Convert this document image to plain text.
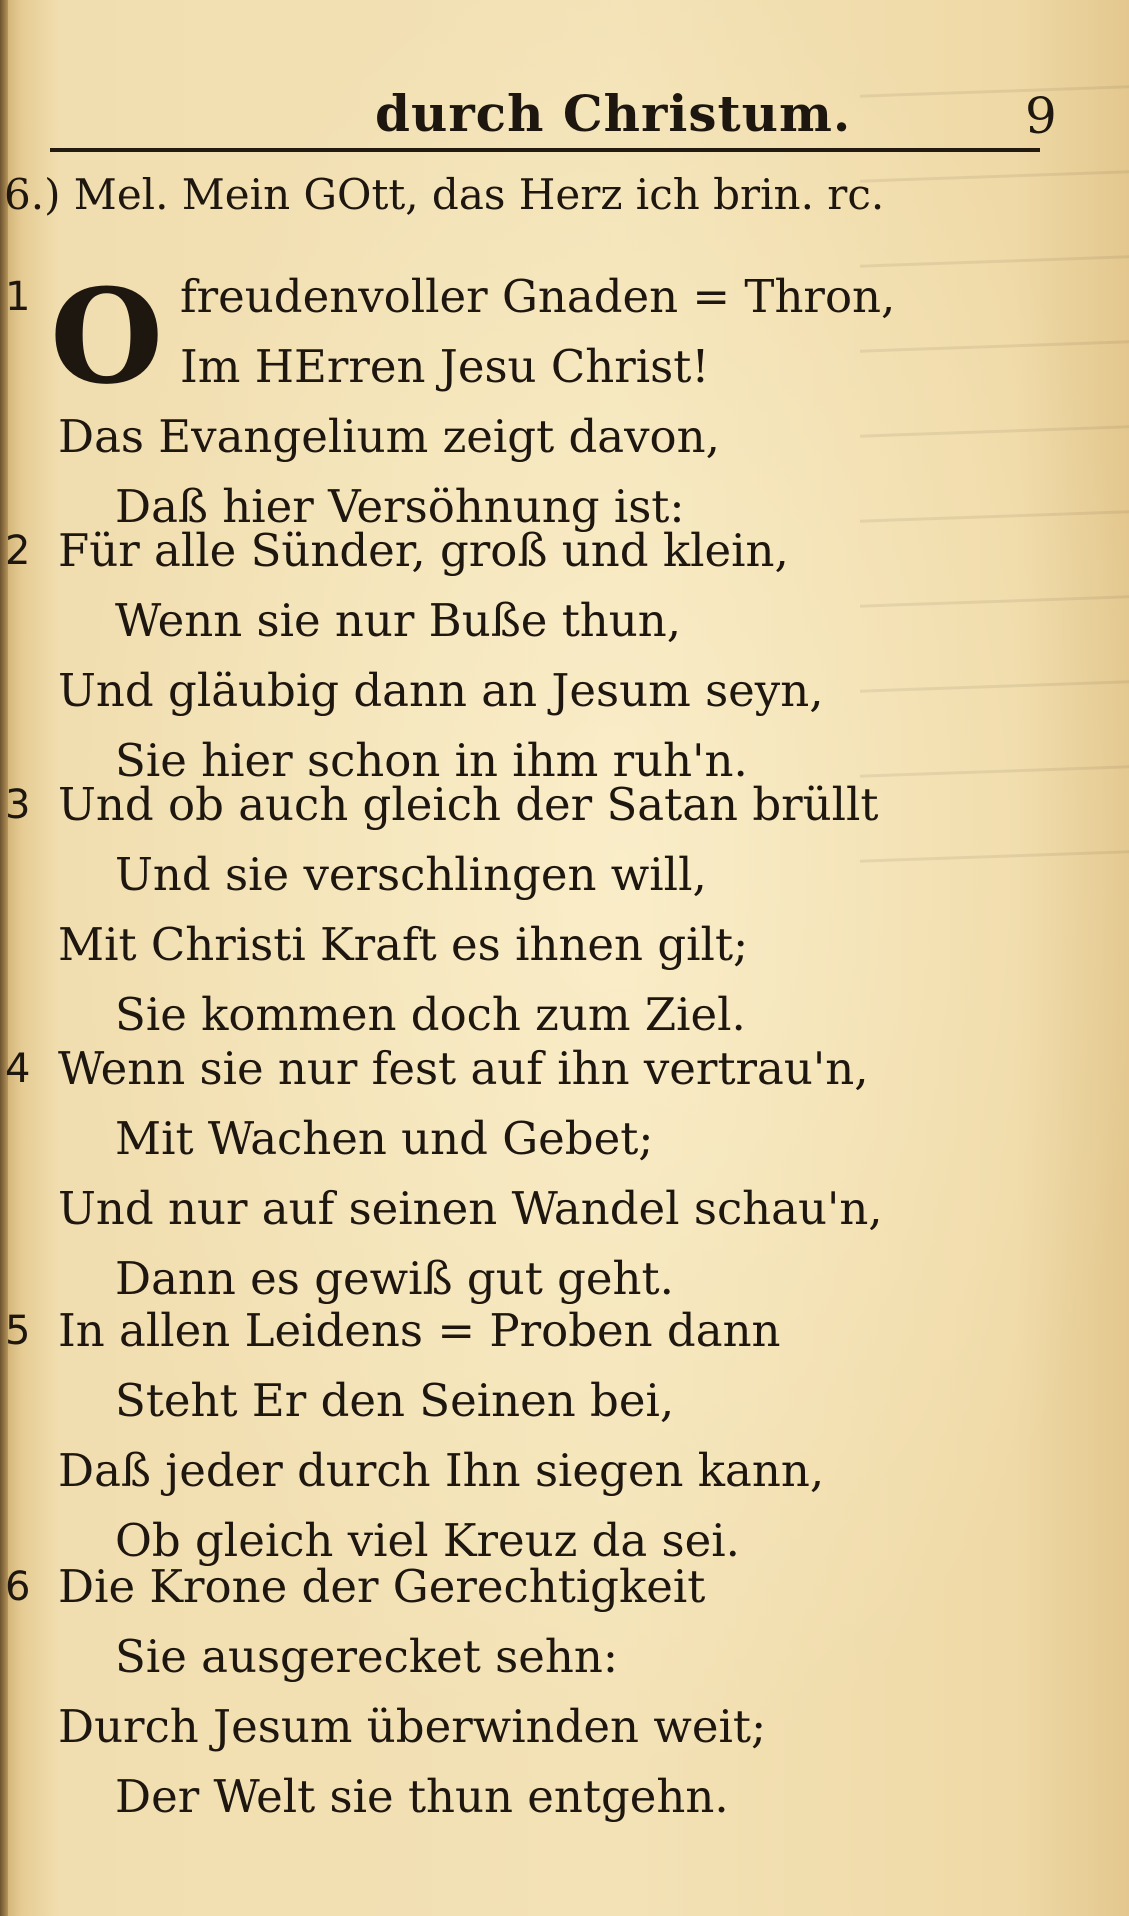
durch Christum.	9
6.) Mel. Mein GOtt, das Herz ich brin. rc.
1 O freudenvoller Gnaden = Thron,
Im HErren Jesu Christ!
Das Evangelium zeigt davon,
Daß hier Versöhnung ist:
2 Für alle Sünder, groß und klein,
Wenn sie nur Buße thun,
Und gläubig dann an Jesum seyn,
Sie hier schon in ihm ruh'n.
3 Und ob auch gleich der Satan brüllt
Und sie verschlingen will,
Mit Christi Kraft es ihnen gilt;
Sie kommen doch zum Ziel.
4 Wenn sie nur fest auf ihn vertrau'n,
Mit Wachen und Gebet;
Und nur auf seinen Wandel schau'n,
Dann es gewiß gut geht.
5 In allen Leidens = Proben dann
Steht Er den Seinen bei,
Daß jeder durch Ihn siegen kann,
Ob gleich viel Kreuz da sei.
6 Die Krone der Gerechtigkeit
Sie ausgerecket sehn:
Durch Jesum überwinden weit;
Der Welt sie thun entgehn.
